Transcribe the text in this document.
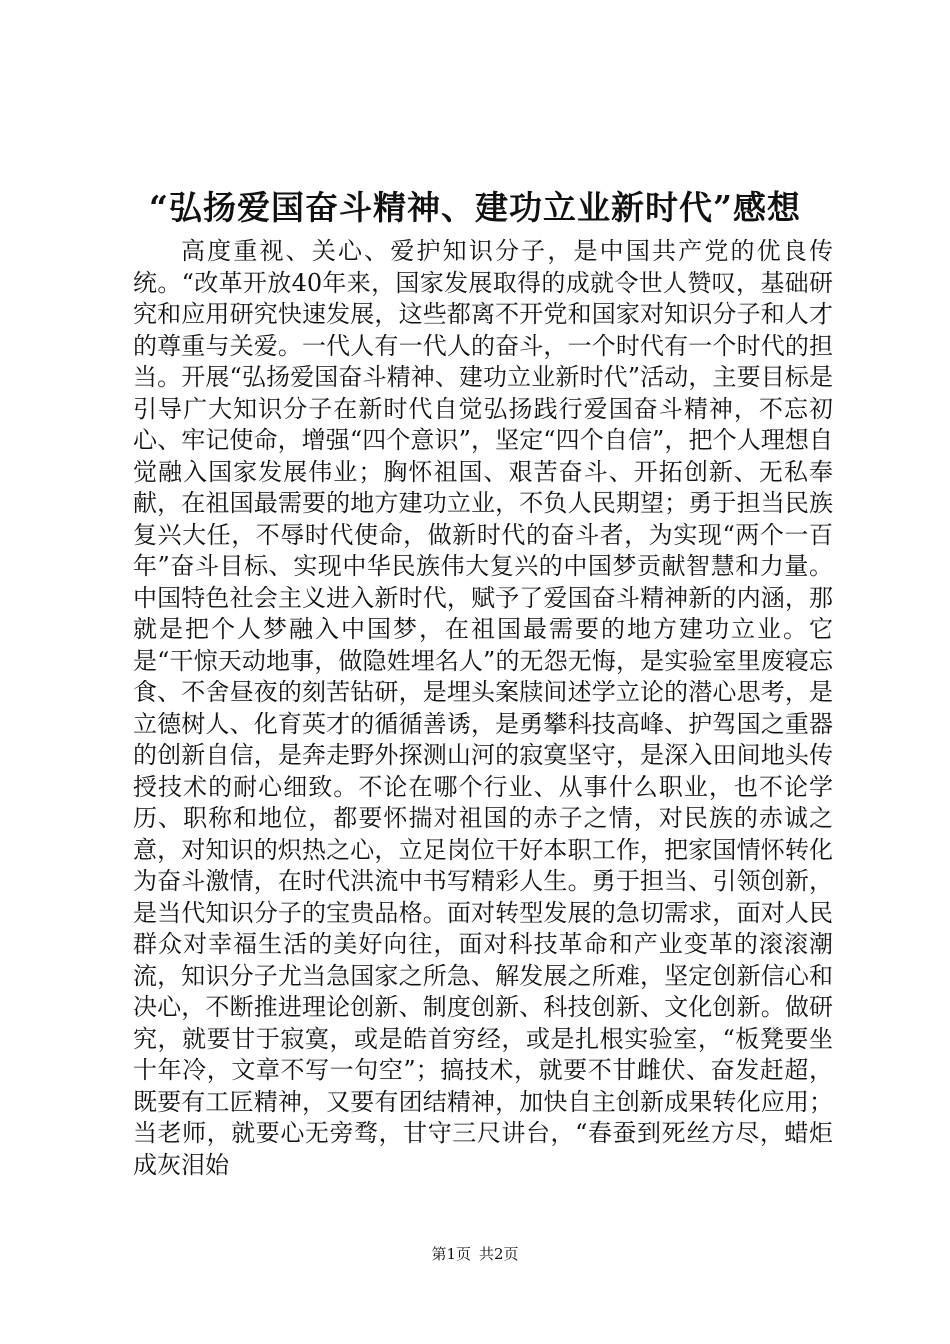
“弘扬爱国奋斗精神、建功立业新时代”感想

高度重视、关心、爱护知识分子，是中国共产党的优良传统。“改革开放40年来，国家发展取得的成就令世人赞叹，基础研究和应用研究快速发展，这些都离不开党和国家对知识分子和人才的尊重与关爱。一代人有一代人的奋斗，一个时代有一个时代的担当。开展“弘扬爱国奋斗精神、建功立业新时代”活动，主要目标是引导广大知识分子在新时代自觉弘扬践行爱国奋斗精神，不忘初心、牢记使命，增强“四个意识”，坚定“四个自信”，把个人理想自觉融入国家发展伟业；胸怀祖国、艰苦奋斗、开拓创新、无私奉献，在祖国最需要的地方建功立业，不负人民期望；勇于担当民族复兴大任，不辱时代使命，做新时代的奋斗者，为实现“两个一百年”奋斗目标、实现中华民族伟大复兴的中国梦贡献智慧和力量。中国特色社会主义进入新时代，赋予了爱国奋斗精神新的内涵，那就是把个人梦融入中国梦，在祖国最需要的地方建功立业。它是“干惊天动地事，做隐姓埋名人”的无怨无悔，是实验室里废寝忘食、不舍昼夜的刻苦钻研，是埋头案牍间述学立论的潜心思考，是立德树人、化育英才的循循善诱，是勇攀科技高峰、护驾国之重器的创新自信，是奔走野外探测山河的寂寞坚守，是深入田间地头传授技术的耐心细致。不论在哪个行业、从事什么职业，也不论学历、职称和地位，都要怀揣对祖国的赤子之情，对民族的赤诚之意，对知识的炽热之心，立足岗位干好本职工作，把家国情怀转化为奋斗激情，在时代洪流中书写精彩人生。勇于担当、引领创新，是当代知识分子的宝贵品格。面对转型发展的急切需求，面对人民群众对幸福生活的美好向往，面对科技革命和产业变革的滚滚潮流，知识分子尤当急国家之所急、解发展之所难，坚定创新信心和决心，不断推进理论创新、制度创新、科技创新、文化创新。做研究，就要甘于寂寞，或是皓首穷经，或是扎根实验室，“板凳要坐十年冷，文章不写一句空”；搞技术，就要不甘雌伏、奋发赶超，既要有工匠精神，又要有团结精神，加快自主创新成果转化应用；当老师，就要心无旁骛，甘守三尺讲台，“春蚕到死丝方尽，蜡炬成灰泪始

第1页 共2页
